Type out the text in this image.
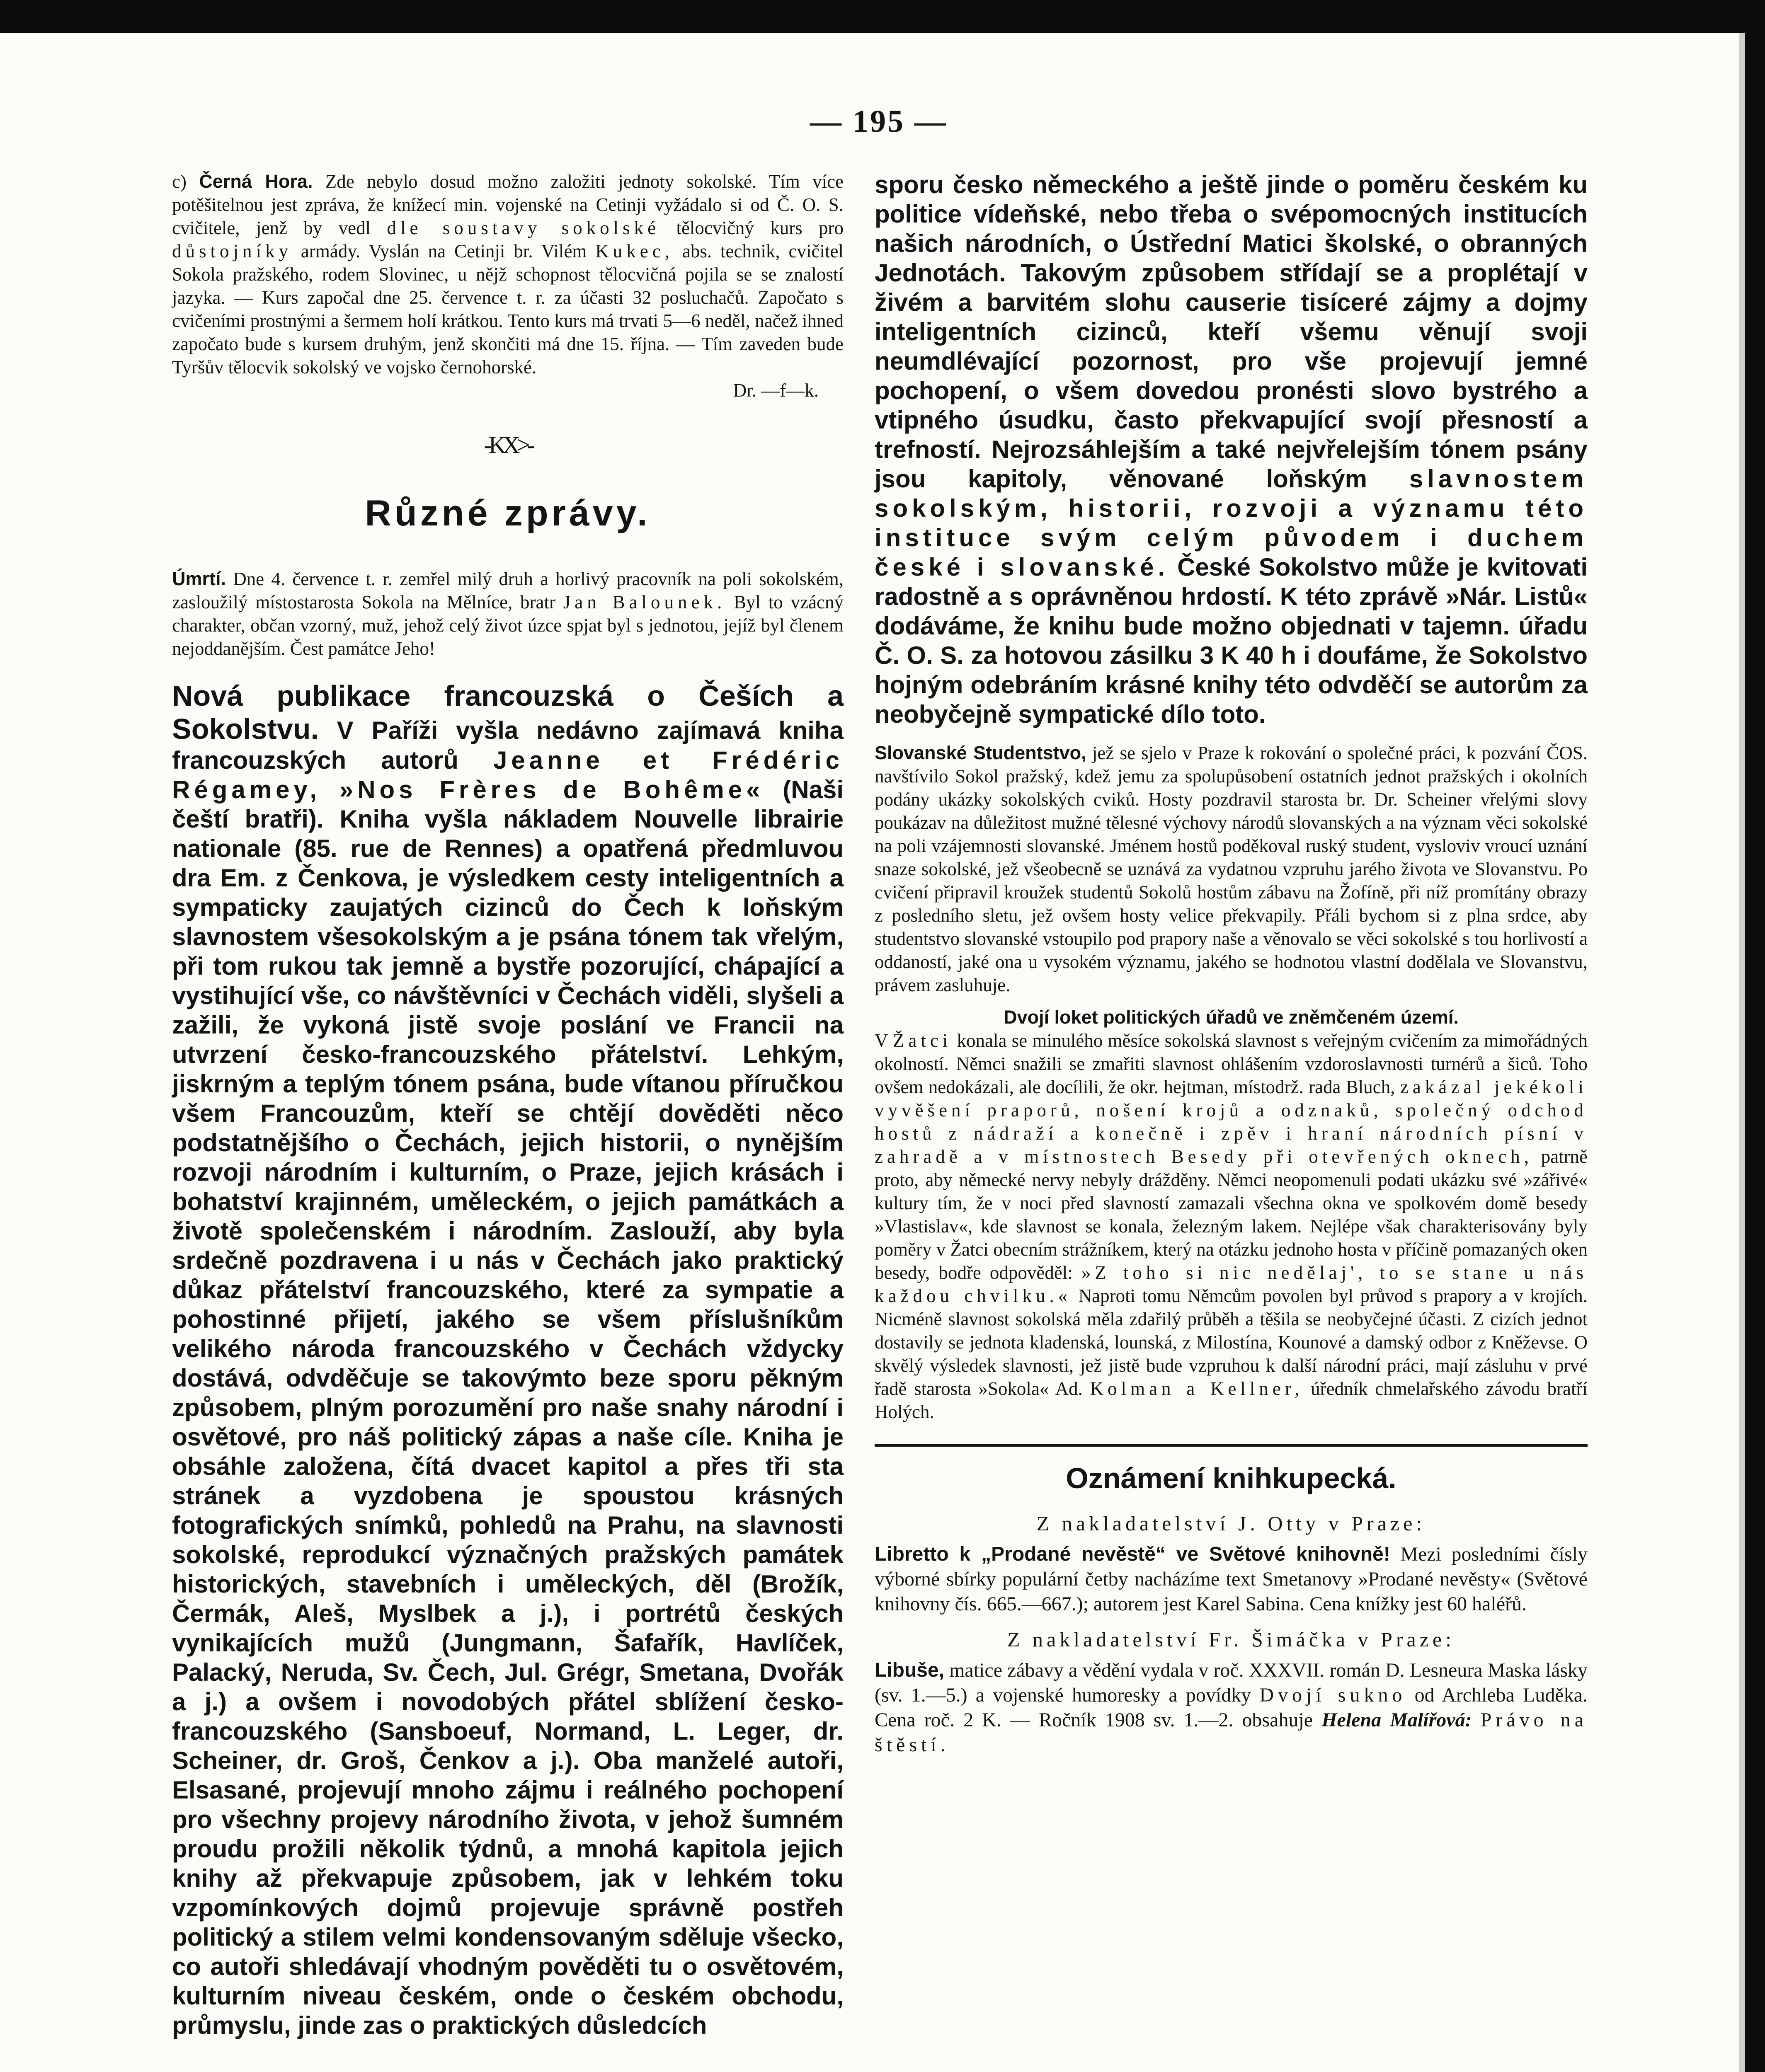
— 195 —

c) Černá Hora. Zde nebylo dosud možno založiti jednoty sokolské. Tím více potěšitelnou jest zpráva, že knížecí min. vojenské na Cetinji vyžádalo si od Č. O. S. cvičitele, jenž by vedl dle soustavy sokolské tělocvičný kurs pro důstojníky armády. Vyslán na Cetinji br. Vilém Kukec, abs. technik, cvičitel Sokola pražského, rodem Slovinec, u nějž schopnost tělocvičná pojila se se znalostí jazyka. — Kurs započal dne 25. července t. r. za účasti 32 posluchačů. Započato s cvičeními prostnými a šermem holí krátkou. Tento kurs má trvati 5—6 neděl, načež ihned započato bude s kursem druhým, jenž skončiti má dne 15. října. — Tím zaveden bude Tyršův tělocvik sokolský ve vojsko černohorské.
Dr. —f—k.

-KX>-
Různé zprávy.

Úmrtí. Dne 4. července t. r. zemřel milý druh a horlivý pracovník na poli sokolském, zasloužilý místostarosta Sokola na Mělníce, bratr Jan Balounek. Byl to vzácný charakter, občan vzorný, muž, jehož celý život úzce spjat byl s jednotou, jejíž byl členem nejoddanějším. Čest památce Jeho!

Nová publikace francouzská o Češích a Sokolstvu. V Paříži vyšla nedávno zajímavá kniha francouzských autorů Jeanne et Frédéric Régamey, »Nos Frères de Bohême« (Naši čeští bratři). Kniha vyšla nákladem Nouvelle librairie nationale (85. rue de Rennes) a opatřená předmluvou dra Em. z Čenkova, je výsledkem cesty inteligentních a sympaticky zaujatých cizinců do Čech k loňským slavnostem všesokolským a je psána tónem tak vřelým, při tom rukou tak jemně a bystře pozorující, chápající a vystihující vše, co návštěvníci v Čechách viděli, slyšeli a zažili, že vykoná jistě svoje poslání ve Francii na utvrzení česko-francouzského přátelství. Lehkým, jiskrným a teplým tónem psána, bude vítanou příručkou všem Francouzům, kteří se chtějí dověděti něco podstatnějšího o Čechách, jejich historii, o nynějším rozvoji národním i kulturním, o Praze, jejich krásách i bohatství krajinném, uměleckém, o jejich památkách a životě společenském i národním. Zaslouží, aby byla srdečně pozdravena i u nás v Čechách jako praktický důkaz přátelství francouzského, které za sympatie a pohostinné přijetí, jakého se všem příslušníkům velikého národa francouzského v Čechách vždycky dostává, odvděčuje se takovýmto beze sporu pěkným způsobem, plným porozumění pro naše snahy národní i osvětové, pro náš politický zápas a naše cíle. Kniha je obsáhle založena, čítá dvacet kapitol a přes tři sta stránek a vyzdobena je spoustou krásných fotografických snímků, pohledů na Prahu, na slavnosti sokolské, reprodukcí význačných pražských památek historických, stavebních i uměleckých, děl (Brožík, Čermák, Aleš, Myslbek a j.), i portrétů českých vynikajících mužů (Jungmann, Šafařík, Havlíček, Palacký, Neruda, Sv. Čech, Jul. Grégr, Smetana, Dvořák a j.) a ovšem i novodobých přátel sblížení česko-francouzského (Sansboeuf, Normand, L. Leger, dr. Scheiner, dr. Groš, Čenkov a j.). Oba manželé autoři, Elsasané, projevují mnoho zájmu i reálného pochopení pro všechny projevy národního života, v jehož šumném proudu prožili několik týdnů, a mnohá kapitola jejich knihy až překvapuje způsobem, jak v lehkém toku vzpomínkových dojmů projevuje správně postřeh politický a stilem velmi kondensovaným sděluje všecko, co autoři shledávají vhodným pověděti tu o osvětovém, kulturním niveau českém, onde o českém obchodu, průmyslu, jinde zas o praktických důsledcích

sporu česko německého a ještě jinde o poměru českém ku politice vídeňské, nebo třeba o svépomocných institucích našich národních, o Ústřední Matici školské, o obranných Jednotách. Takovým způsobem střídají se a proplétají v živém a barvitém slohu causerie tisíceré zájmy a dojmy inteligentních cizinců, kteří všemu věnují svoji neumdlévající pozornost, pro vše projevují jemné pochopení, o všem dovedou pronésti slovo bystrého a vtipného úsudku, často překvapující svojí přesností a trefností. Nejrozsáhlejším a také nejvřelejším tónem psány jsou kapitoly, věnované loňským slavnostem sokolským, historii, rozvoji a významu této instituce svým celým původem i duchem české i slovanské. České Sokolstvo může je kvitovati radostně a s oprávněnou hrdostí. K této zprávě »Nár. Listů« dodáváme, že knihu bude možno objednati v tajemn. úřadu Č. O. S. za hotovou zásilku 3 K 40 h i doufáme, že Sokolstvo hojným odebráním krásné knihy této odvděčí se autorům za neobyčejně sympatické dílo toto.

Slovanské Studentstvo, jež se sjelo v Praze k rokování o společné práci, k pozvání ČOS. navštívilo Sokol pražský, kdež jemu za spolupůsobení ostatních jednot pražských i okolních podány ukázky sokolských cviků. Hosty pozdravil starosta br. Dr. Scheiner vřelými slovy poukázav na důležitost mužné tělesné výchovy národů slovanských a na význam věci sokolské na poli vzájemnosti slovanské. Jménem hostů poděkoval ruský student, vysloviv vroucí uznání snaze sokolské, jež všeobecně se uznává za vydatnou vzpruhu jarého života ve Slovanstvu. Po cvičení připravil kroužek studentů Sokolů hostům zábavu na Žofíně, při níž promítány obrazy z posledního sletu, jež ovšem hosty velice překvapily. Přáli bychom si z plna srdce, aby studentstvo slovanské vstoupilo pod prapory naše a věnovalo se věci sokolské s tou horlivostí a oddaností, jaké ona u vysokém významu, jakého se hodnotou vlastní dodělala ve Slovanstvu, právem zasluhuje.

Dvojí loket politických úřadů ve zněmčeném území.
V Žatci konala se minulého měsíce sokolská slavnost s veřejným cvičením za mimořádných okolností. Němci snažili se zmařiti slavnost ohlášením vzdoroslavnosti turnérů a šiců. Toho ovšem nedokázali, ale docílili, že okr. hejtman, místodrž. rada Bluch, zakázal jekékoli vyvěšení praporů, nošení krojů a odznaků, společný odchod hostů z nádraží a konečně i zpěv i hraní národních písní v zahradě a v místnostech Besedy při otevřených oknech, patrně proto, aby německé nervy nebyly drážděny. Němci neopomenuli podati ukázku své »zářivé« kultury tím, že v noci před slavností zamazali všechna okna ve spolkovém domě besedy »Vlastislav«, kde slavnost se konala, železným lakem. Nejlépe však charakterisovány byly poměry v Žatci obecním strážníkem, který na otázku jednoho hosta v příčině pomazaných oken besedy, bodře odpověděl: »Z toho si nic nedělaj', to se stane u nás každou chvilku.« Naproti tomu Němcům povolen byl průvod s prapory a v krojích. Nicméně slavnost sokolská měla zdařilý průběh a těšila se neobyčejné účasti. Z cizích jednot dostavily se jednota kladenská, lounská, z Milostína, Kounové a damský odbor z Kněževse. O skvělý výsledek slavnosti, jež jistě bude vzpruhou k další národní práci, mají zásluhu v prvé řadě starosta »Sokola« Ad. Kolman a Kellner, úředník chmelařského závodu bratří Holých.

Oznámení knihkupecká.
Z nakladatelství J. Otty v Praze:

Libretto k „Prodané nevěstě“ ve Světové knihovně! Mezi posledními čísly výborné sbírky populární četby nacházíme text Smetanovy »Prodané nevěsty« (Světové knihovny čís. 665.—667.); autorem jest Karel Sabina. Cena knížky jest 60 haléřů.

Z nakladatelství Fr. Šimáčka v Praze:

Libuše, matice zábavy a vědění vydala v roč. XXXVII. román D. Lesneura Maska lásky (sv. 1.—5.) a vojenské humoresky a povídky Dvojí sukno od Archleba Luděka. Cena roč. 2 K. — Ročník 1908 sv. 1.—2. obsahuje Helena Malířová: Právo na štěstí.
